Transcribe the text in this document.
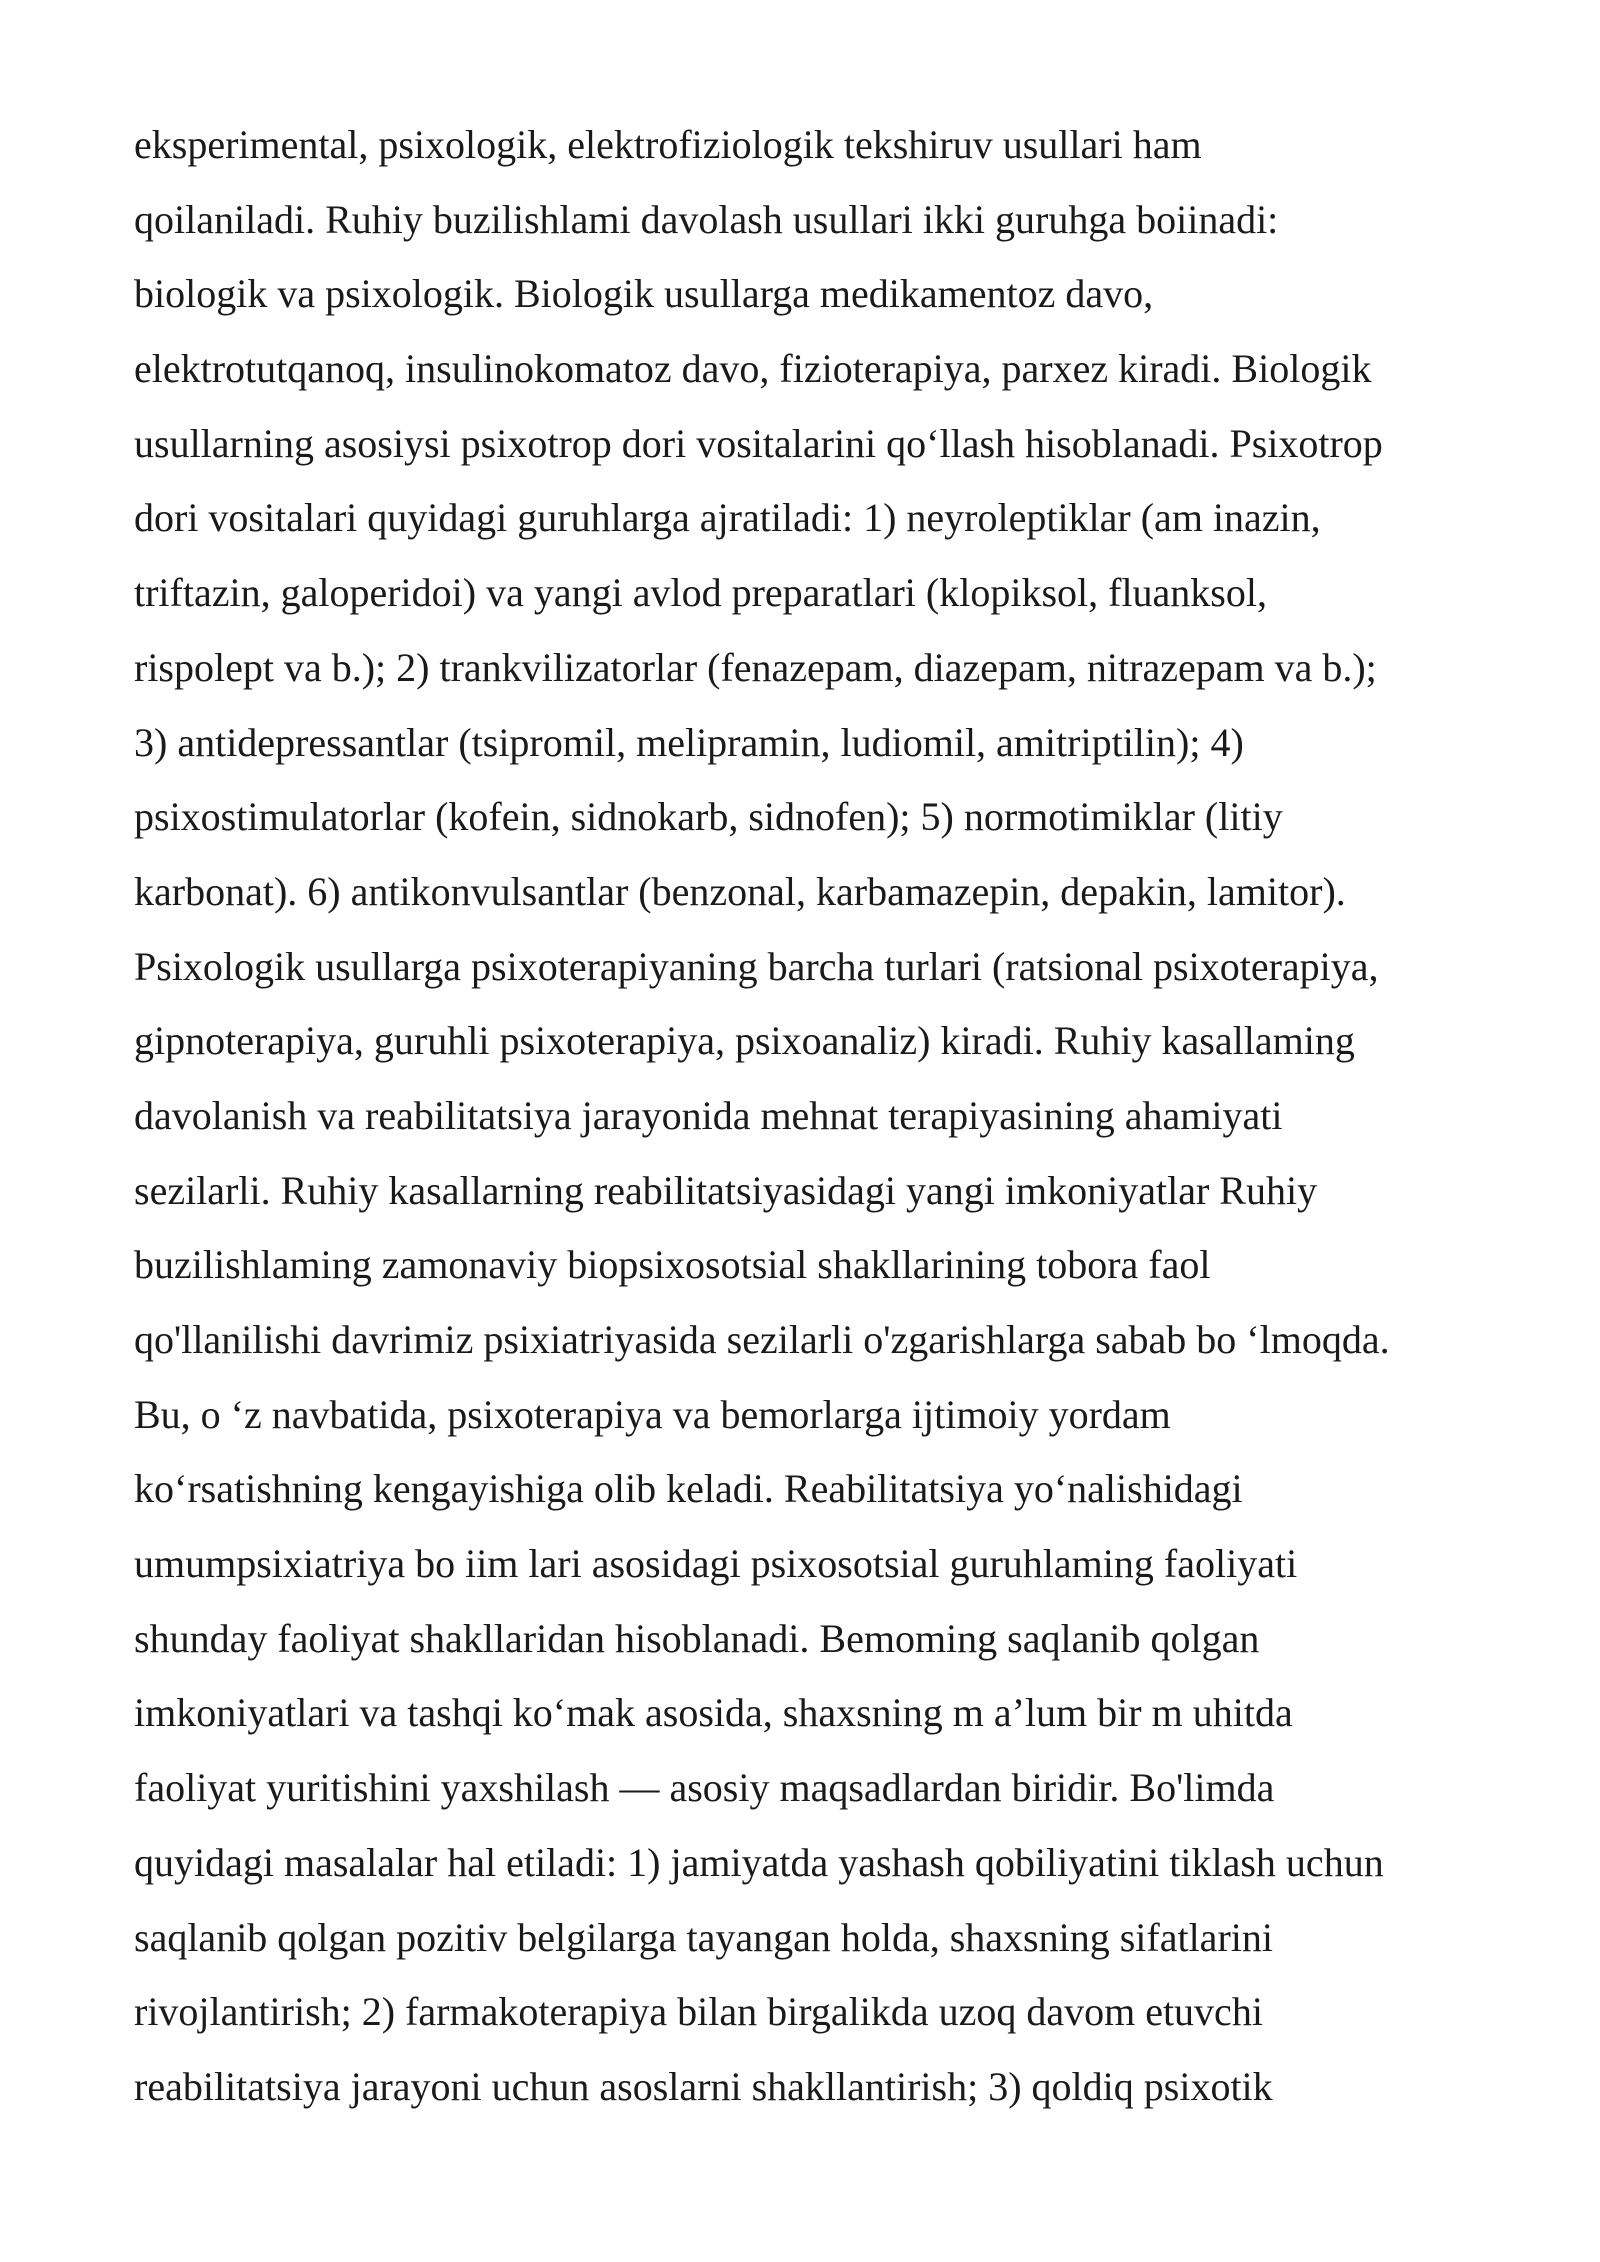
eksperimental, psixologik, elektrofiziologik tekshiruv usullari ham
qoilaniladi. Ruhiy buzilishlami davolash usullari ikki guruhga boiinadi:
biologik va psixologik. Biologik usullarga medikamentoz davo,
elektrotutqanoq, insulinokomatoz davo, fizioterapiya, parxez kiradi. Biologik
usullarning asosiysi psixotrop dori vositalarini qo‘llash hisoblanadi. Psixotrop
dori vositalari quyidagi guruhlarga ajratiladi: 1) neyroleptiklar (am inazin,
triftazin, galoperidoi) va yangi avlod preparatlari (klopiksol, fluanksol,
rispolept va b.); 2) trankvilizatorlar (fenazepam, diazepam, nitrazepam va b.);
3) antidepressantlar (tsipromil, melipramin, ludiomil, amitriptilin); 4)
psixostimulatorlar (kofein, sidnokarb, sidnofen); 5) normotimiklar (litiy
karbonat). 6) antikonvulsantlar (benzonal, karbamazepin, depakin, lamitor).
Psixologik usullarga psixoterapiyaning barcha turlari (ratsional psixoterapiya,
gipnoterapiya, guruhli psixoterapiya, psixoanaliz) kiradi. Ruhiy kasallaming
davolanish va reabilitatsiya jarayonida mehnat terapiyasining ahamiyati
sezilarli. Ruhiy kasallarning reabilitatsiyasidagi yangi imkoniyatlar Ruhiy
buzilishlaming zamonaviy biopsixosotsial shakllarining tobora faol
qo'llanilishi davrimiz psixiatriyasida sezilarli o'zgarishlarga sabab bo ‘lmoqda.
Bu, o ‘z navbatida, psixoterapiya va bemorlarga ijtimoiy yordam
ko‘rsatishning kengayishiga olib keladi. Reabilitatsiya yo‘nalishidagi
umumpsixiatriya bo iim lari asosidagi psixosotsial guruhlaming faoliyati
shunday faoliyat shakllaridan hisoblanadi. Bemoming saqlanib qolgan
imkoniyatlari va tashqi ko‘mak asosida, shaxsning m a’lum bir m uhitda
faoliyat yuritishini yaxshilash — asosiy maqsadlardan biridir. Bo'limda
quyidagi masalalar hal etiladi: 1) jamiyatda yashash qobiliyatini tiklash uchun
saqlanib qolgan pozitiv belgilarga tayangan holda, shaxsning sifatlarini
rivojlantirish; 2) farmakoterapiya bilan birgalikda uzoq davom etuvchi
reabilitatsiya jarayoni uchun asoslarni shakllantirish; 3) qoldiq psixotik
